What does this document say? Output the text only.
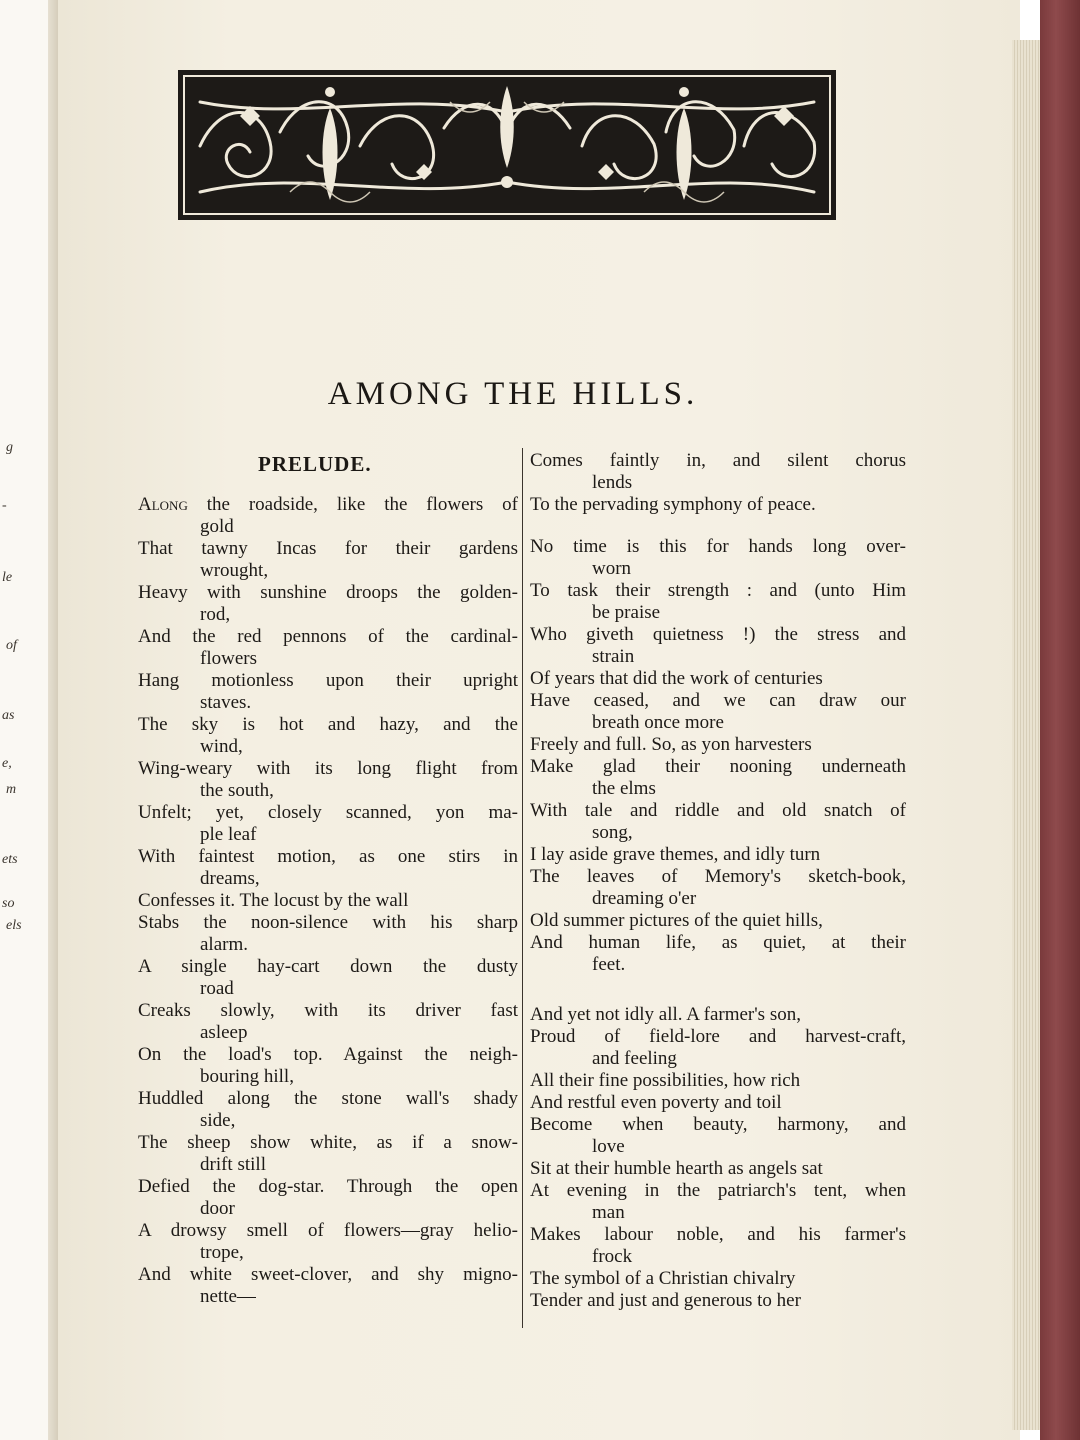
g
-
le
of
as
e,
m
ets
so
els
AMONG THE HILLS.
PRELUDE.

Along the roadside, like the flowers of
gold

That tawny Incas for their gardens
wrought,

Heavy with sunshine droops the golden-
rod,

And the red pennons of the cardinal-
flowers

Hang motionless upon their upright
staves.

The sky is hot and hazy, and the
wind,

Wing-weary with its long flight from
the south,

Unfelt; yet, closely scanned, yon ma-
ple leaf

With faintest motion, as one stirs in
dreams,

Confesses it. The locust by the wall

Stabs the noon-silence with his sharp
alarm.

A single hay-cart down the dusty
road

Creaks slowly, with its driver fast
asleep

On the load's top. Against the neigh-
bouring hill,

Huddled along the stone wall's shady
side,

The sheep show white, as if a snow-
drift still

Defied the dog-star. Through the open
door

A drowsy smell of flowers—gray helio-
trope,

And white sweet-clover, and shy migno-
nette—

Comes faintly in, and silent chorus
lends

To the pervading symphony of peace.

No time is this for hands long over-
worn

To task their strength : and (unto Him
be praise

Who giveth quietness !) the stress and
strain

Of years that did the work of centuries

Have ceased, and we can draw our
breath once more

Freely and full. So, as yon harvesters

Make glad their nooning underneath
the elms

With tale and riddle and old snatch of
song,

I lay aside grave themes, and idly turn

The leaves of Memory's sketch-book,
dreaming o'er

Old summer pictures of the quiet hills,

And human life, as quiet, at their
feet.

And yet not idly all. A farmer's son,

Proud of field-lore and harvest-craft,
and feeling

All their fine possibilities, how rich

And restful even poverty and toil

Become when beauty, harmony, and
love

Sit at their humble hearth as angels sat

At evening in the patriarch's tent, when
man

Makes labour noble, and his farmer's
frock

The symbol of a Christian chivalry

Tender and just and generous to her
